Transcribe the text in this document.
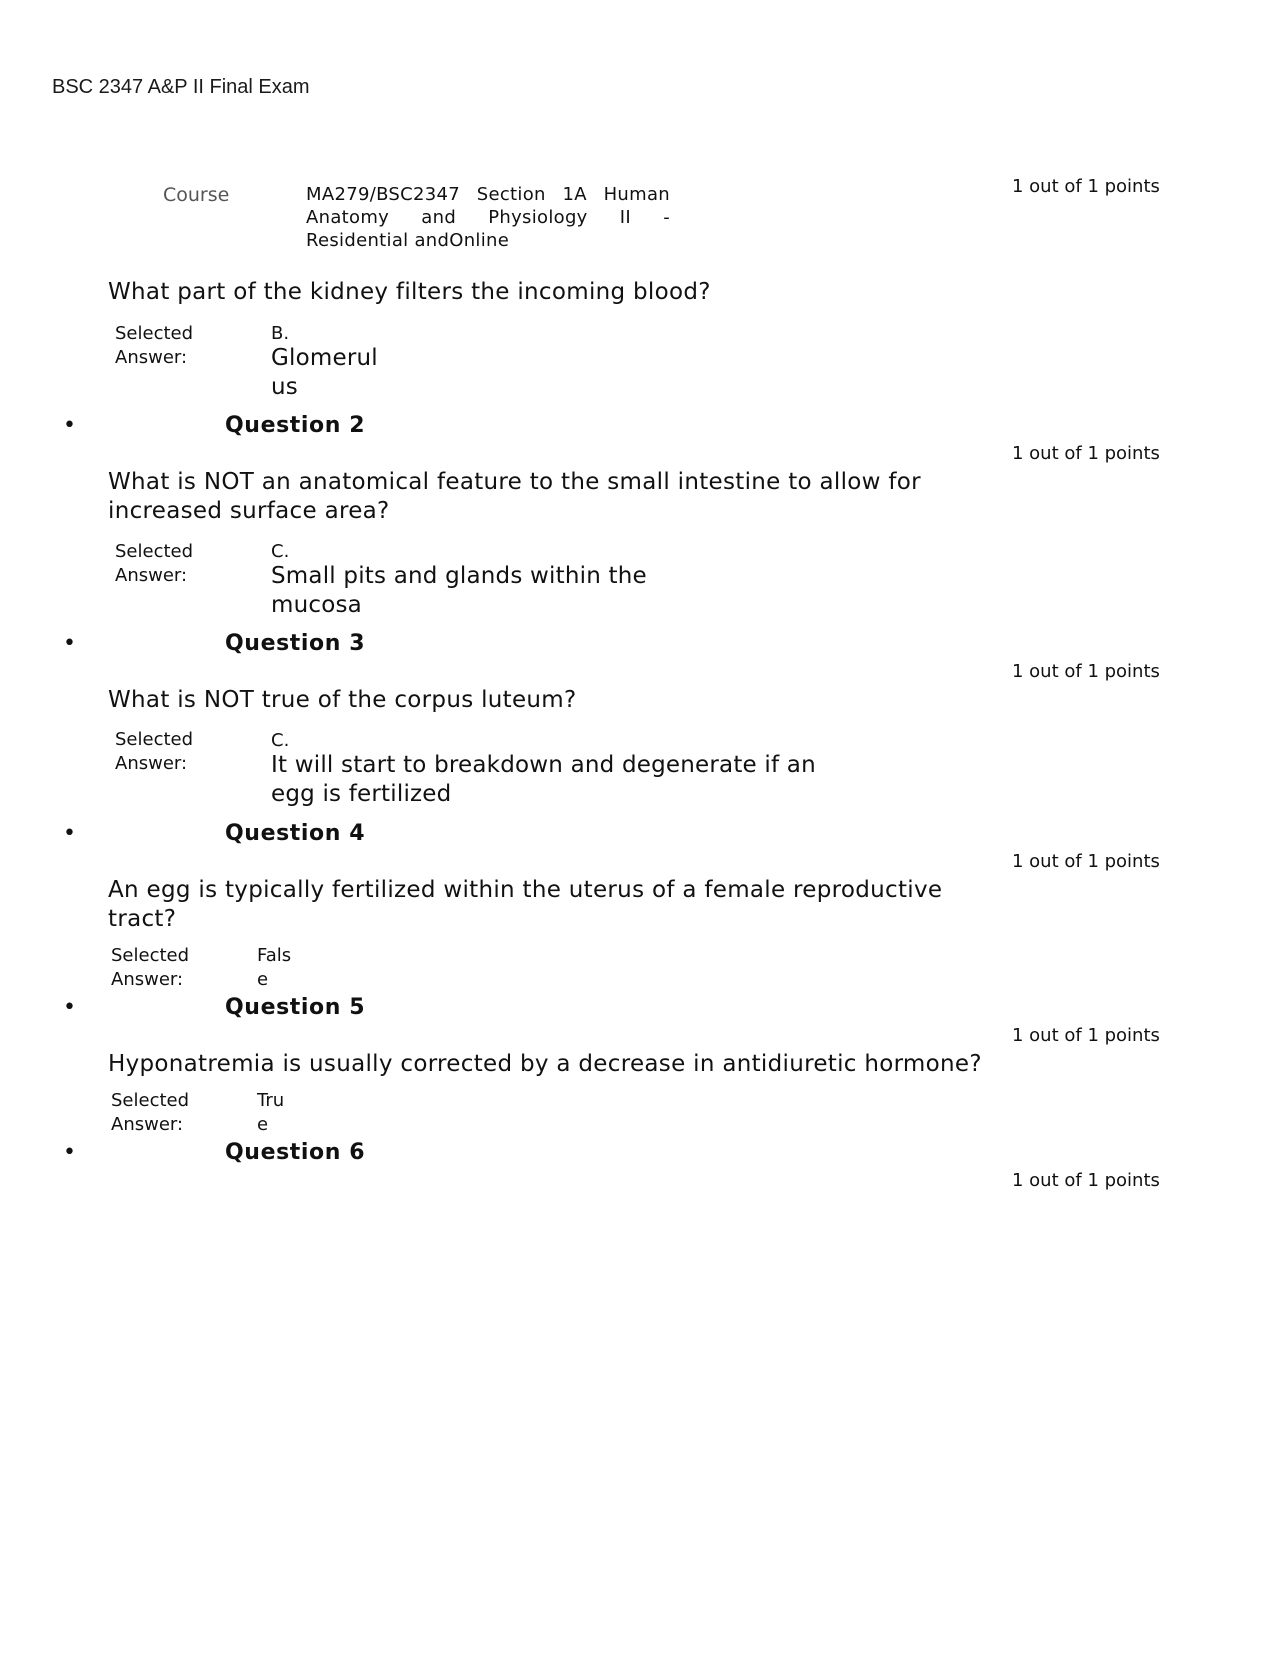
BSC 2347 A&P II Final Exam
Course	MA279/BSC2347 Section 1A Human
Anatomy and Physiology II -
Residential andOnline
1 out of 1 points
What part of the kidney filters the incoming blood?
Selected
Answer:
B.
Glomerul
us
•	Question 2
1 out of 1 points
What is NOT an anatomical feature to the small intestine to allow for
increased surface area?
Selected
Answer:
C.
Small pits and glands within the
mucosa
•	Question 3
1 out of 1 points
What is NOT true of the corpus luteum?
Selected
Answer:
C.
It will start to breakdown and degenerate if an
egg is fertilized
•	Question 4
1 out of 1 points
An egg is typically fertilized within the uterus of a female reproductive
tract?
Selected
Answer:
Fals
e
•	Question 5
1 out of 1 points
Hyponatremia is usually corrected by a decrease in antidiuretic hormone?
Selected
Answer:
Tru
e
•	Question 6
1 out of 1 points
